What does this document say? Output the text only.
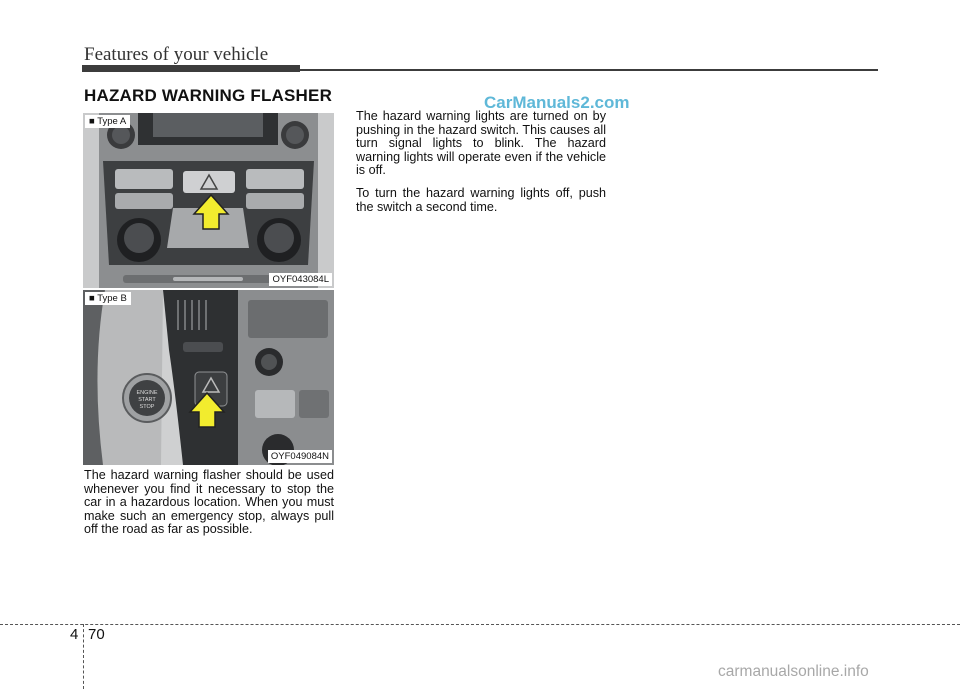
Features of your vehicle
HAZARD WARNING FLASHER	CarManuals2.com
■ Type A
OYF043084L
ENGINE
START
STOP
■ Type B
OYF049084N
The hazard warning flasher should be used whenever you find it necessary to stop the car in a hazardous location. When you must make such an emergency stop, always pull off the road as far as possible.
The hazard warning lights are turned on by pushing in the hazard switch. This causes all turn signal lights to blink. The hazard warning lights will operate even if the vehicle is off.
To turn the hazard warning lights off, push the switch a second time.
4 70
carmanualsonline.info
